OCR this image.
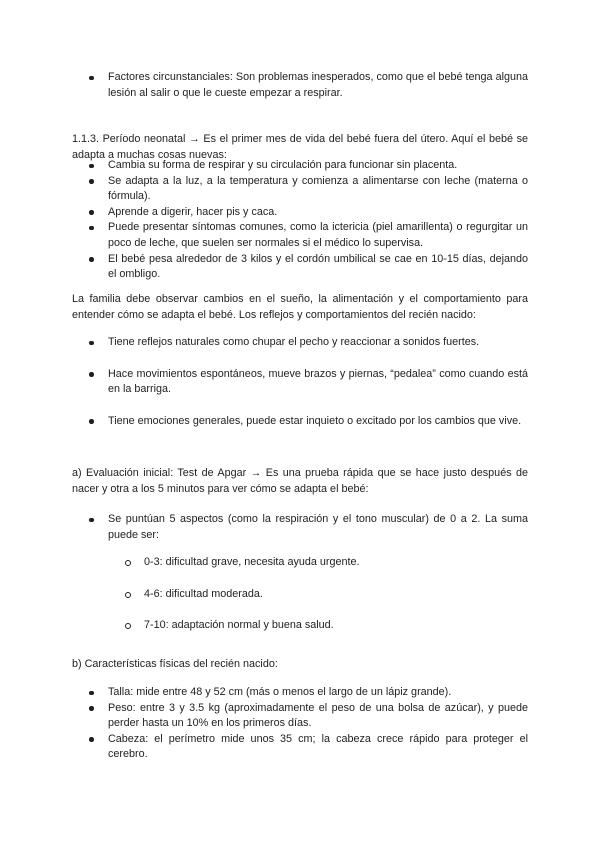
Factores circunstanciales: Son problemas inesperados, como que el bebé tenga alguna lesión al salir o que le cueste empezar a respirar.

1.1.3. Período neonatal → Es el primer mes de vida del bebé fuera del útero. Aquí el bebé se adapta a muchas cosas nuevas:

Cambia su forma de respirar y su circulación para funcionar sin placenta.
Se adapta a la luz, a la temperatura y comienza a alimentarse con leche (materna o fórmula).
Aprende a digerir, hacer pis y caca.
Puede presentar síntomas comunes, como la ictericia (piel amarillenta) o regurgitar un poco de leche, que suelen ser normales si el médico lo supervisa.
El bebé pesa alrededor de 3 kilos y el cordón umbilical se cae en 10-15 días, dejando el ombligo.

La familia debe observar cambios en el sueño, la alimentación y el comportamiento para entender cómo se adapta el bebé. Los reflejos y comportamientos del recién nacido:

Tiene reflejos naturales como chupar el pecho y reaccionar a sonidos fuertes.
Hace movimientos espontáneos, mueve brazos y piernas, “pedalea” como cuando está en la barriga.
Tiene emociones generales, puede estar inquieto o excitado por los cambios que vive.

a) Evaluación inicial: Test de Apgar → Es una prueba rápida que se hace justo después de nacer y otra a los 5 minutos para ver cómo se adapta el bebé:

Se puntúan 5 aspectos (como la respiración y el tono muscular) de 0 a 2. La suma puede ser:
0-3: dificultad grave, necesita ayuda urgente.
4-6: dificultad moderada.
7-10: adaptación normal y buena salud.

b) Características físicas del recién nacido:

Talla: mide entre 48 y 52 cm (más o menos el largo de un lápiz grande).
Peso: entre 3 y 3.5 kg (aproximadamente el peso de una bolsa de azúcar), y puede perder hasta un 10% en los primeros días.
Cabeza: el perímetro mide unos 35 cm; la cabeza crece rápido para proteger el cerebro.
